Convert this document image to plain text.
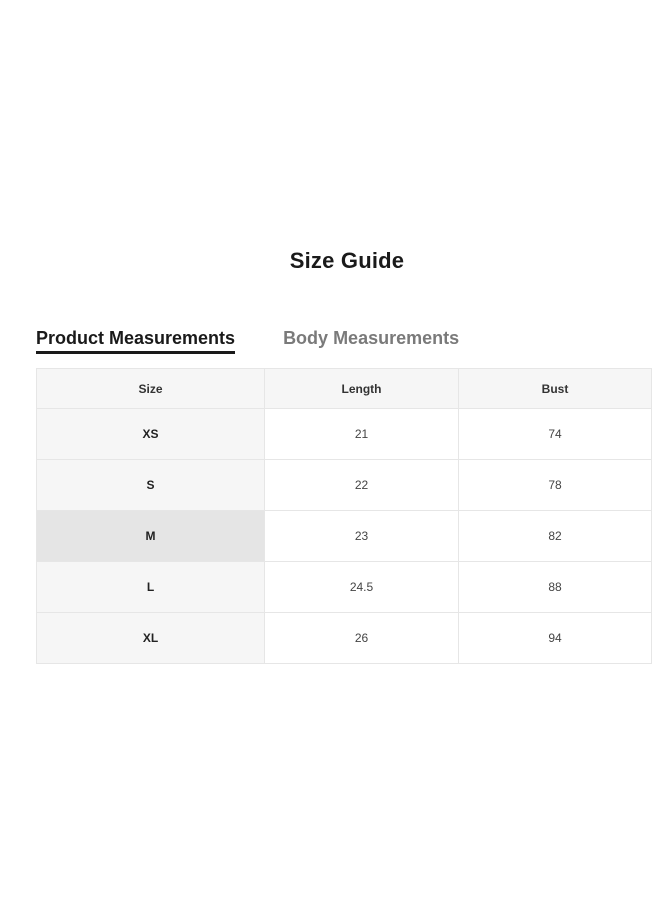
Size Guide
Product Measurements	Body Measurements
Size	Length	Bust
XS	21	74
S	22	78
M	23	82
L	24.5	88
XL	26	94
